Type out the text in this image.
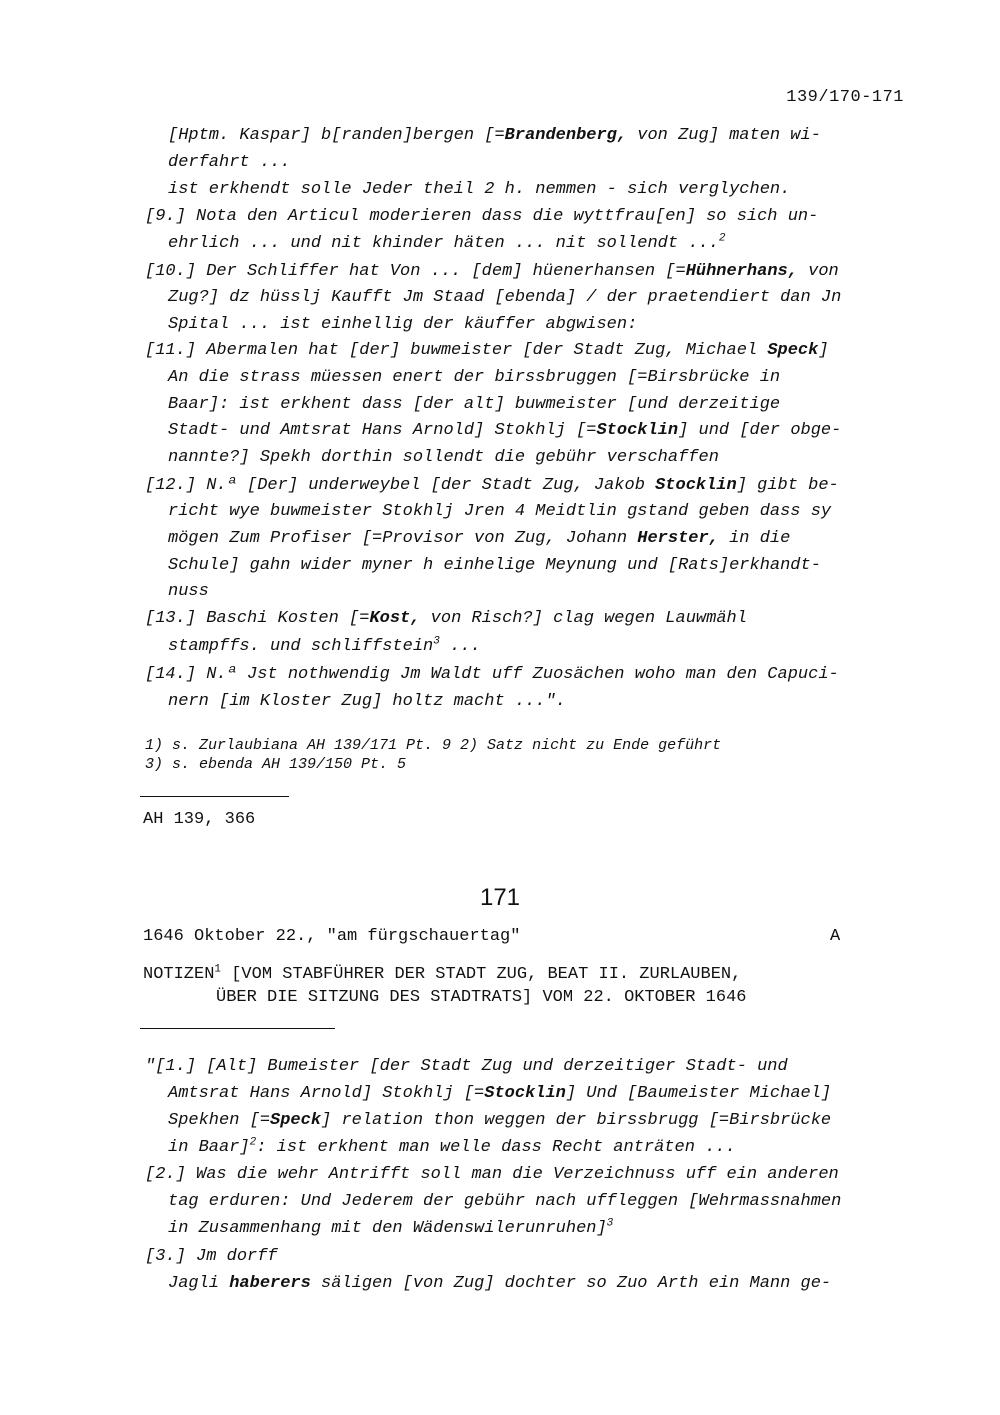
139/170-171
[Hptm. Kaspar] b[randen]bergen [=Brandenberg, von Zug] maten wi-
derfahrt ...
ist erkhendt solle Jeder theil 2 h. nemmen - sich verglychen.
[9.] Nota den Articul moderieren dass die wyttfrau[en] so sich un-
ehrlich ... und nit khinder häten ... nit sollendt ...$^2$
[10.] Der Schliffer hat Von ... [dem] hüenerhansen [=Hühnerhans, von
Zug?] dz hüsslj Kaufft Jm Staad [ebenda] / der praetendiert dan Jn
Spital ... ist einhellig der käuffer abgwisen:
[11.] Abermalen hat [der] buwmeister [der Stadt Zug, Michael Speck]
An die strass müessen enert der birssbruggen [=Birsbrücke in
Baar]: ist erkhent dass [der alt] buwmeister [und derzeitige
Stadt- und Amtsrat Hans Arnold] Stokhlj [=Stocklin] und [der obge-
nannte?] Spekh dorthin sollendt die gebühr verschaffen
[12.] N.ª [Der] underweybel [der Stadt Zug, Jakob Stocklin] gibt be-
richt wye buwmeister Stokhlj Jren 4 Meidtlin gstand geben dass sy
mögen Zum Profiser [=Provisor von Zug, Johann Herster, in die
Schule] gahn wider myner h einhelige Meynung und [Rats]erkhandt-
nuss
[13.] Baschi Kosten [=Kost, von Risch?] clag wegen Lauwmähl
stampffs. und schliffstein$^3$ ...
[14.] N.ª Jst nothwendig Jm Waldt uff Zuosächen woho man den Capuci-
nern [im Kloster Zug] holtz macht ...".
1) s. Zurlaubiana AH 139/171 Pt. 9 2) Satz nicht zu Ende geführt
3) s. ebenda AH 139/150 Pt. 5
AH 139, 366
171
1646 Oktober 22., "am fürgschauertag"	A
NOTIZEN$^1$ [VOM STABFÜHRER DER STADT ZUG, BEAT II. ZURLAUBEN,
ÜBER DIE SITZUNG DES STADTRATS] VOM 22. OKTOBER 1646
"[1.] [Alt] Bumeister [der Stadt Zug und derzeitiger Stadt- und
Amtsrat Hans Arnold] Stokhlj [=Stocklin] Und [Baumeister Michael]
Spekhen [=Speck] relation thon weggen der birssbrugg [=Birsbrücke
in Baar]$^2$: ist erkhent man welle dass Recht anträten ...
[2.] Was die wehr Antrifft soll man die Verzeichnuss uff ein anderen
tag erduren: Und Jederem der gebühr nach uffleggen [Wehrmassnahmen
in Zusammenhang mit den Wädenswilerunruhen]$^3$
[3.] Jm dorff
Jagli haberers säligen [von Zug] dochter so Zuo Arth ein Mann ge-
